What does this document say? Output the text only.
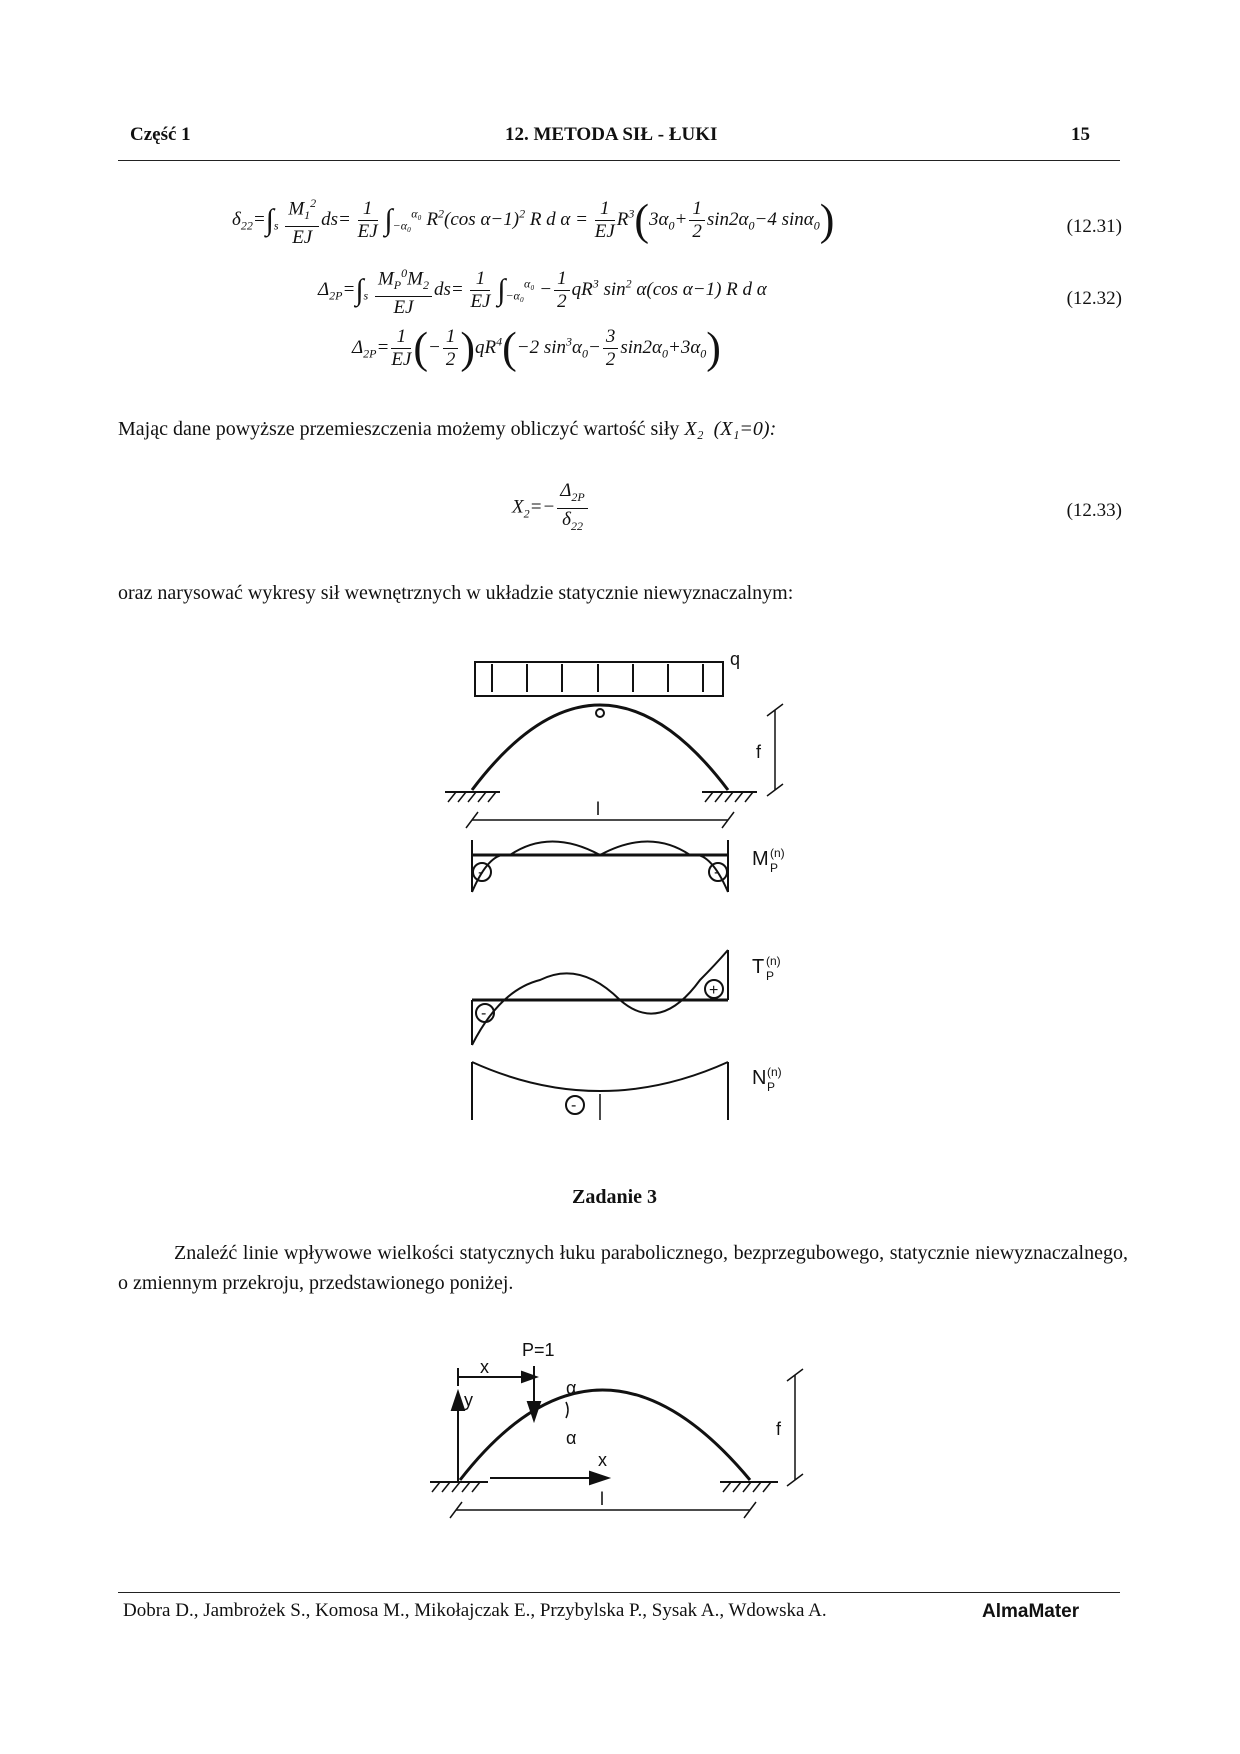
Część 1	12. METODA SIŁ - ŁUKI	15
$\delta_{22}=\int_s \frac{M_1^2}{EJ} ds= \frac{1}{EJ} \int_{-\alpha_0}^{\alpha_0}$ $R^2(\cos$ α−1)$^2$ R d $\alpha = \frac{1}{EJ} R^3(3\alpha_0+ \frac{1}{2} \sin 2\alpha_0-4$ sinα$_0$)	(12.31)
$\Delta_{2P}=\int_s \frac{M_P^0M_2}{EJ} ds= \frac{1}{EJ} \int_{-\alpha_0}^{\alpha_0} - \frac{1}{2} qR^3$ $\sin^2 \alpha(\cos$ α−1) R d α
$\Delta_{2P}= \frac{1}{EJ}$ (− $\frac{1}{2} )qR^4(-2$ $\sin^3\alpha_0- \frac{3}{2} \sin 2\alpha_0+3\alpha_0$)
(12.32)
Mając dane powyższe przemieszczenia możemy obliczyć wartość siły X₂ (X₁=0):
$X_2=- \frac{\Delta_{2P}}{\delta_{22}}$	(12.33)
oraz narysować wykresy sił wewnętrznych w układzie statycznie niewyznaczalnym:
q
f
l
-	-
-
+
-
M (n)
P
T (n)
P
N (n)
P
Zadanie 3
Znaleźć linie wpływowe wielkości statycznych łuku parabolicznego, bezprzegubowego, statycznie niewyznaczalnego, o zmiennym przekroju, przedstawionego poniżej.
P=1
x
y
x
α
α	f
l
Dobra D., Jambrożek S., Komosa M., Mikołajczak E., Przybylska P., Sysak A., Wdowska A.	AlmaMater
